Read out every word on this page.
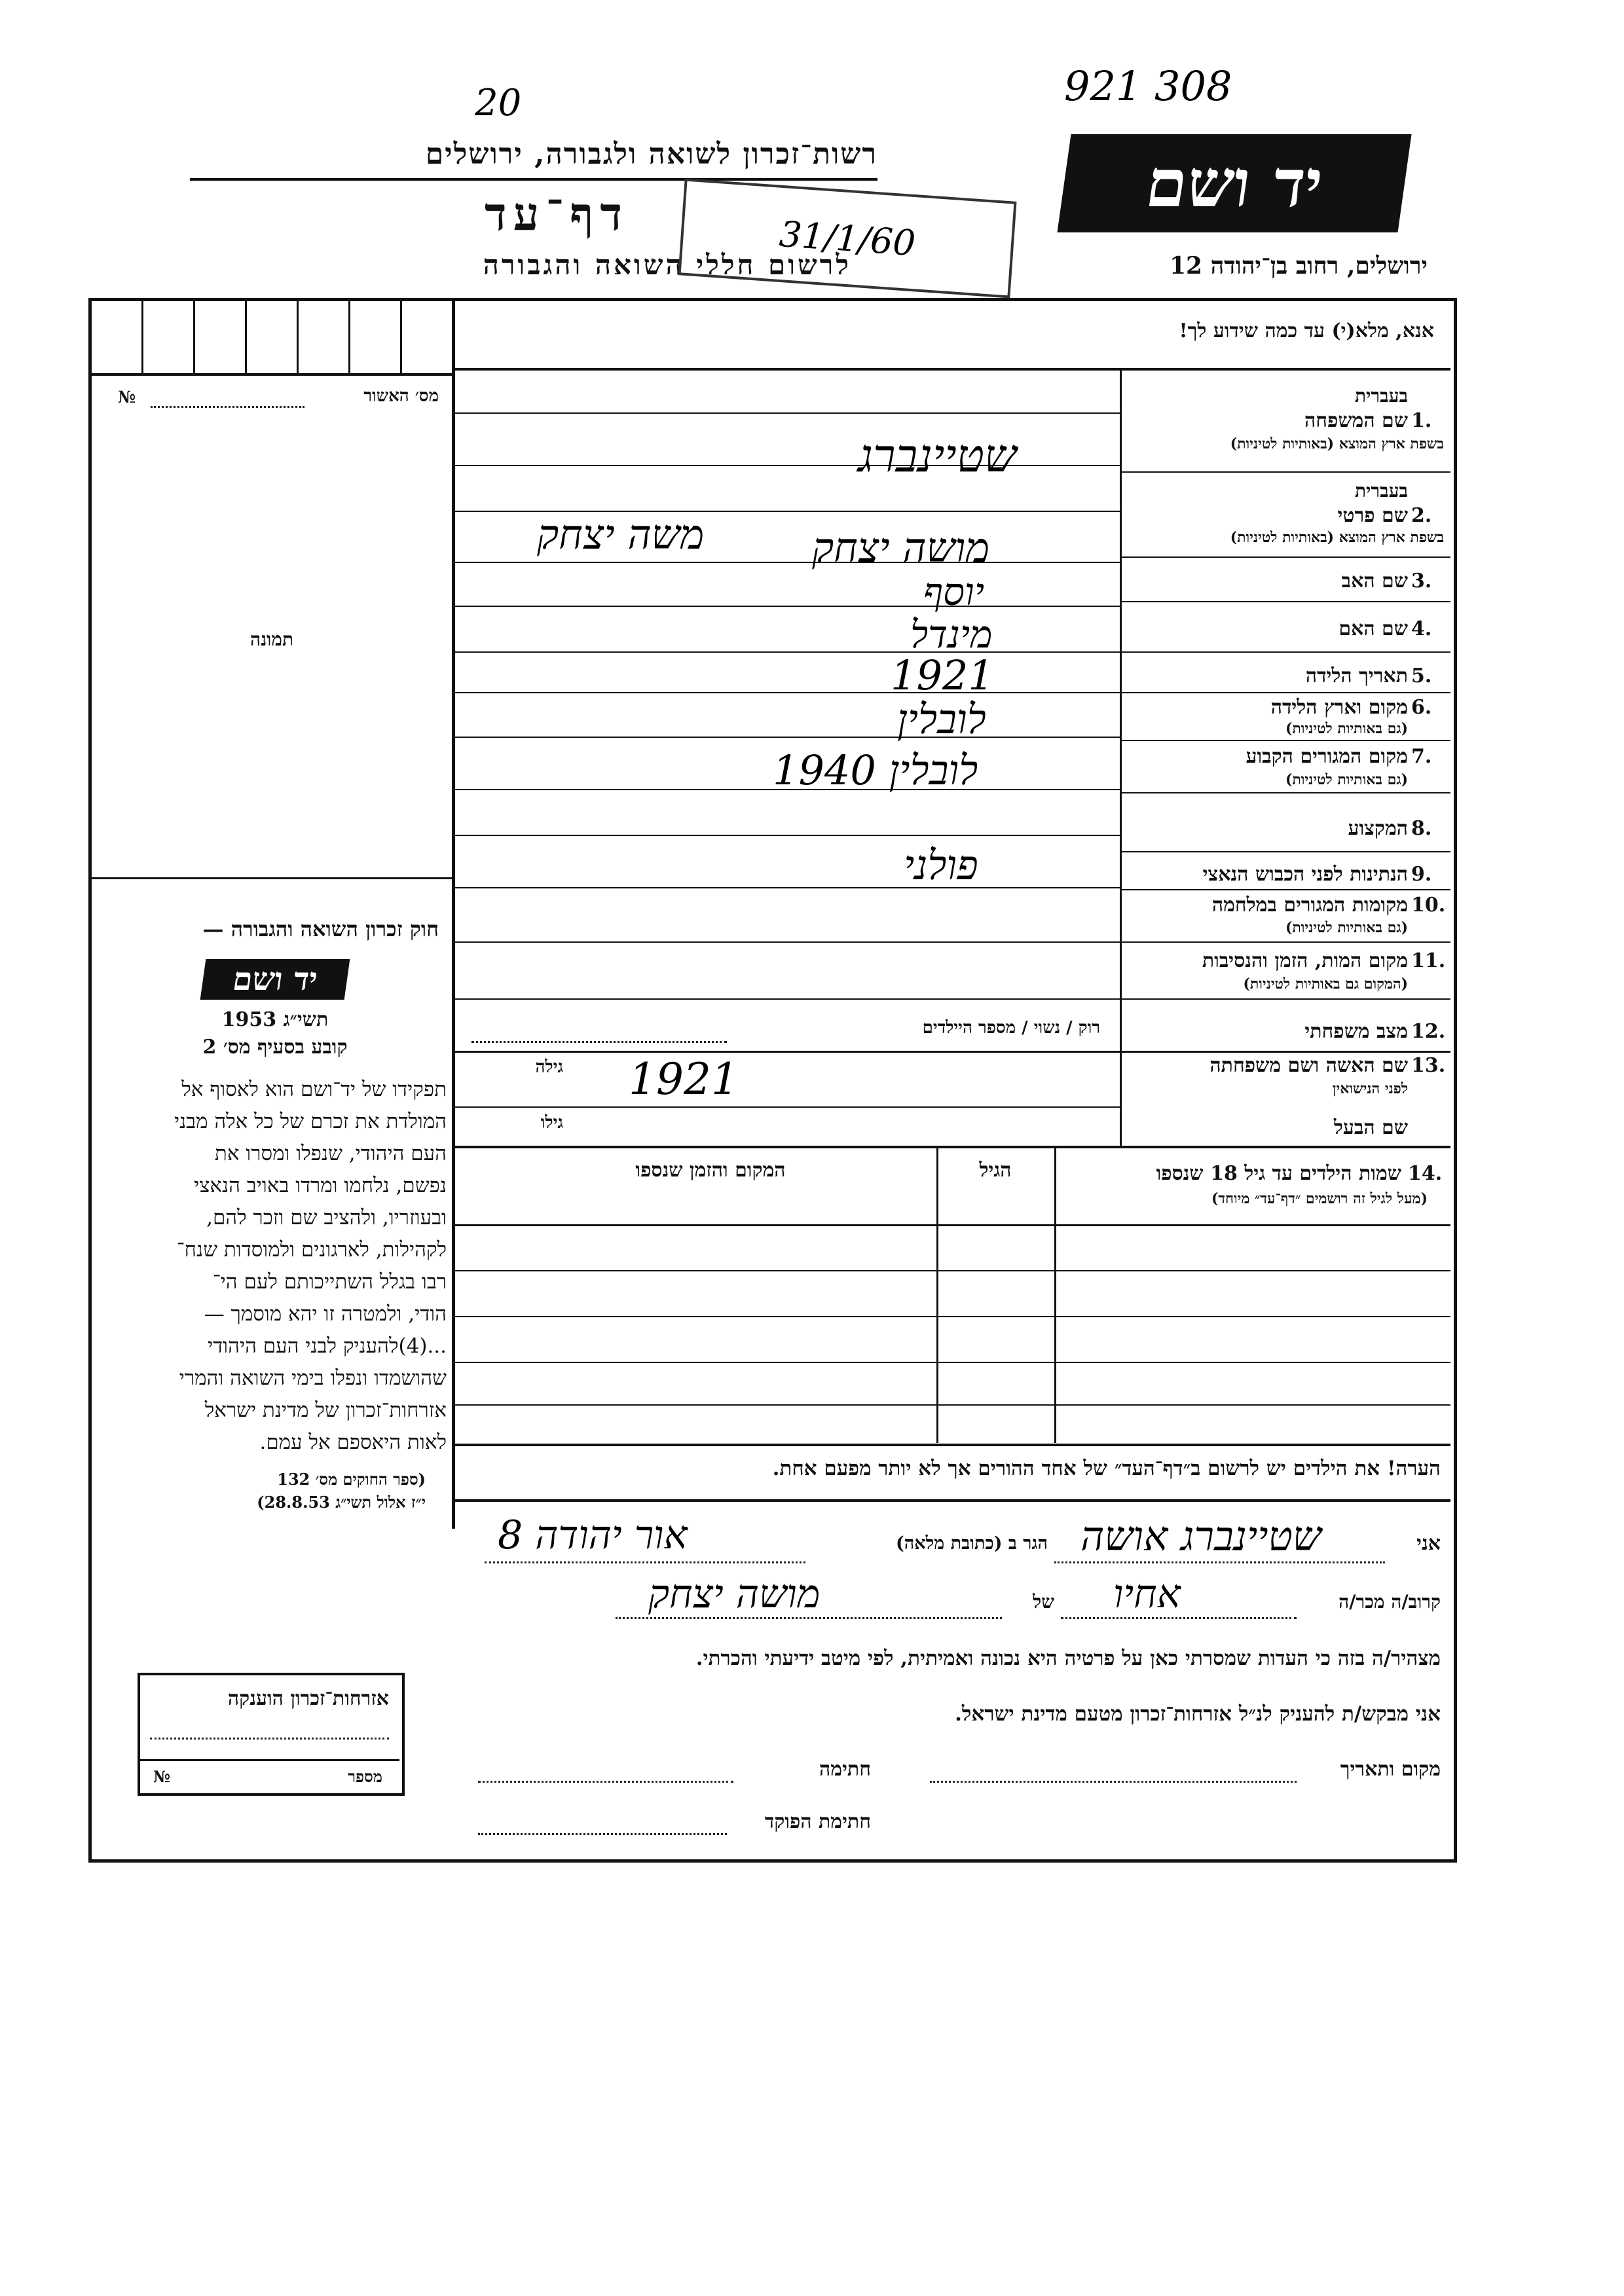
20	921 308
רשות־זכרון לשואה ולגבורה, ירושלים
דף־עד
לרשום חללי השואה והגבורה
31/1/60
יד ושם
ירושלים, רחוב בן־יהודה 12
מס׳ האשור
№
תמונה
חוק זכרון השואה והגבורה —
יד ושם
תשי״ג 1953
קובע בסעיף מס׳ 2
תפקידו של יד־ושם הוא לאסוף אל
המולדת את זכרם של כל אלה מבני
העם היהודי, שנפלו ומסרו את
נפשם, נלחמו ומרדו באויב הנאצי
ובעוזריו, ולהציב שם וזכר להם,
לקהילות, לארגונים ולמוסדות שנח־
רבו בגלל השתייכותם לעם הי־
הודי, ולמטרה זו יהא מוסמך —
...(4)להעניק לבני העם היהודי
שהושמדו ונפלו בימי השואה והמרי
אזרחות־זכרון של מדינת ישראל
לאות היאספם אל עמם.
(ספר החוקים מס׳ 132
י״ז אלול תשי״ג 28.8.53)
אזרחות־זכרון הוענקה
מספר
№
אנא, מלא(י) עד כמה שידוע לך!
בעברית
שם המשפחה 1.
בשפת ארץ המוצא (באותיות לטיניות)
בעברית
שם פרטי 2.
בשפת ארץ המוצא (באותיות לטיניות)
שם האב 3.
שם האם 4.
תאריך הלידה 5.
מקום וארץ הלידה 6.
(גם באותיות לטיניות)
מקום המגורים הקבוע 7.
(גם באותיות לטיניות)
המקצוע 8.
הנתינות לפני הכבוש הנאצי 9.
מקומות המגורים במלחמה 10.
(גם באותיות לטיניות)
מקום המות, הזמן והנסיבות 11.
(המקום גם באותיות לטיניות)
מצב משפחתי 12.
רוק / נשוי / מספר היילדים
שם האשה ושם משפחתה 13.
לפני הנישואין
גילה
שם הבעל
גילו
שמות הילדים עד גיל 18 שנספו 14.
(מעל לגיל זה רושמים ״דף־עד״ מיוחד)
הגיל
המקום והזמן שנספו
הערה! את הילדים יש לרשום ב״דף־העד״ של אחד ההורים אך לא יותר מפעם אחת.
שטיינברג
מושה יצחק
משה יצחק
יוסף
מינדל
1921
לובלין
לובלין 1940
פולני
1921
אני
שטיינברג אושה
הגר ב (כתובת מלאה)
אור יהודה 8
קרוב/ה מכר/ה
אחיו
של
מושה יצחק
מצהיר/ה בזה כי העדות שמסרתי כאן על פרטיה היא נכונה ואמיתית, לפי מיטב ידיעתי והכרתי.
אני מבקש/ת להעניק לנ״ל אזרחות־זכרון מטעם מדינת ישראל.
מקום ותאריך
חתימה
חתימת הפוקד
